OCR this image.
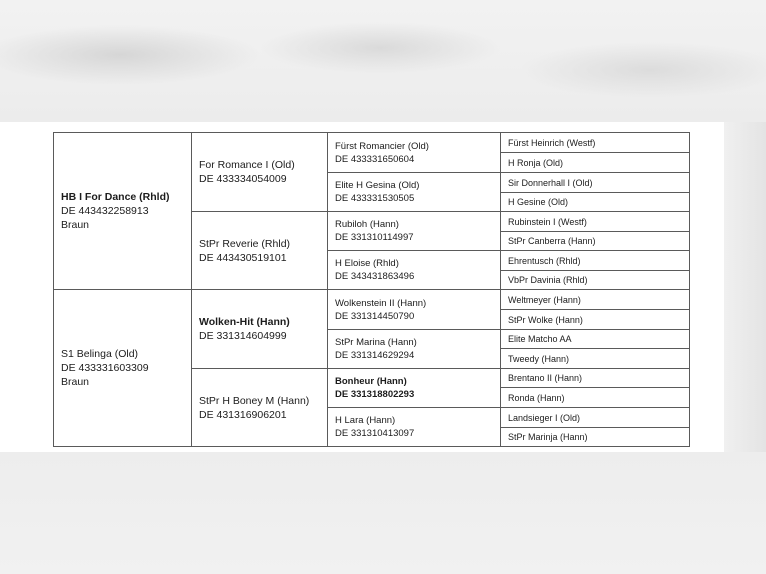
HB I For Dance (Rhld)
DE 443432258913
Braun
S1 Belinga (Old)
DE 433331603309
Braun
For Romance I (Old)
DE 433334054009
StPr Reverie (Rhld)
DE 443430519101
Wolken-Hit (Hann)
DE 331314604999
StPr H Boney M (Hann)
DE 431316906201
Fürst Romancier (Old)
DE 433331650604
Elite H Gesina (Old)
DE 433331530505
Rubiloh (Hann)
DE 331310114997
H Eloise (Rhld)
DE 343431863496
Wolkenstein II (Hann)
DE 331314450790
StPr Marina (Hann)
DE 331314629294
Bonheur (Hann)
DE 331318802293
H Lara (Hann)
DE 331310413097
Fürst Heinrich (Westf)
H Ronja (Old)
Sir Donnerhall I (Old)
H Gesine (Old)
Rubinstein I (Westf)
StPr Canberra (Hann)
Ehrentusch (Rhld)
VbPr Davinia (Rhld)
Weltmeyer (Hann)
StPr Wolke (Hann)
Elite Matcho AA
Tweedy (Hann)
Brentano II (Hann)
Ronda (Hann)
Landsieger I (Old)
StPr Marinja (Hann)
